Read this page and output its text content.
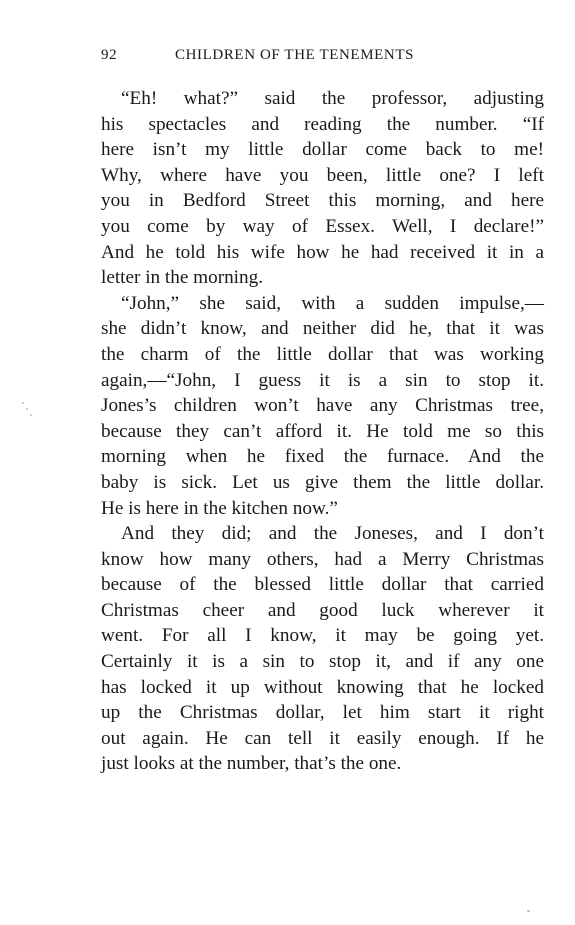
92	CHILDREN OF THE TENEMENTS
“Eh! what?” said the professor, adjusting
his spectacles and reading the number. “If
here isn’t my little dollar come back to me!
Why, where have you been, little one? I left
you in Bedford Street this morning, and here
you come by way of Essex. Well, I declare!”
And he told his wife how he had received it in a
letter in the morning.
“John,” she said, with a sudden impulse,—
she didn’t know, and neither did he, that it was
the charm of the little dollar that was working
again,—“John, I guess it is a sin to stop it.
Jones’s children won’t have any Christmas tree,
because they can’t afford it. He told me so this
morning when he fixed the furnace. And the
baby is sick. Let us give them the little dollar.
He is here in the kitchen now.”
And they did; and the Joneses, and I don’t
know how many others, had a Merry Christmas
because of the blessed little dollar that carried
Christmas cheer and good luck wherever it
went. For all I know, it may be going yet.
Certainly it is a sin to stop it, and if any one
has locked it up without knowing that he locked
up the Christmas dollar, let him start it right
out again. He can tell it easily enough. If he
just looks at the number, that’s the one.
